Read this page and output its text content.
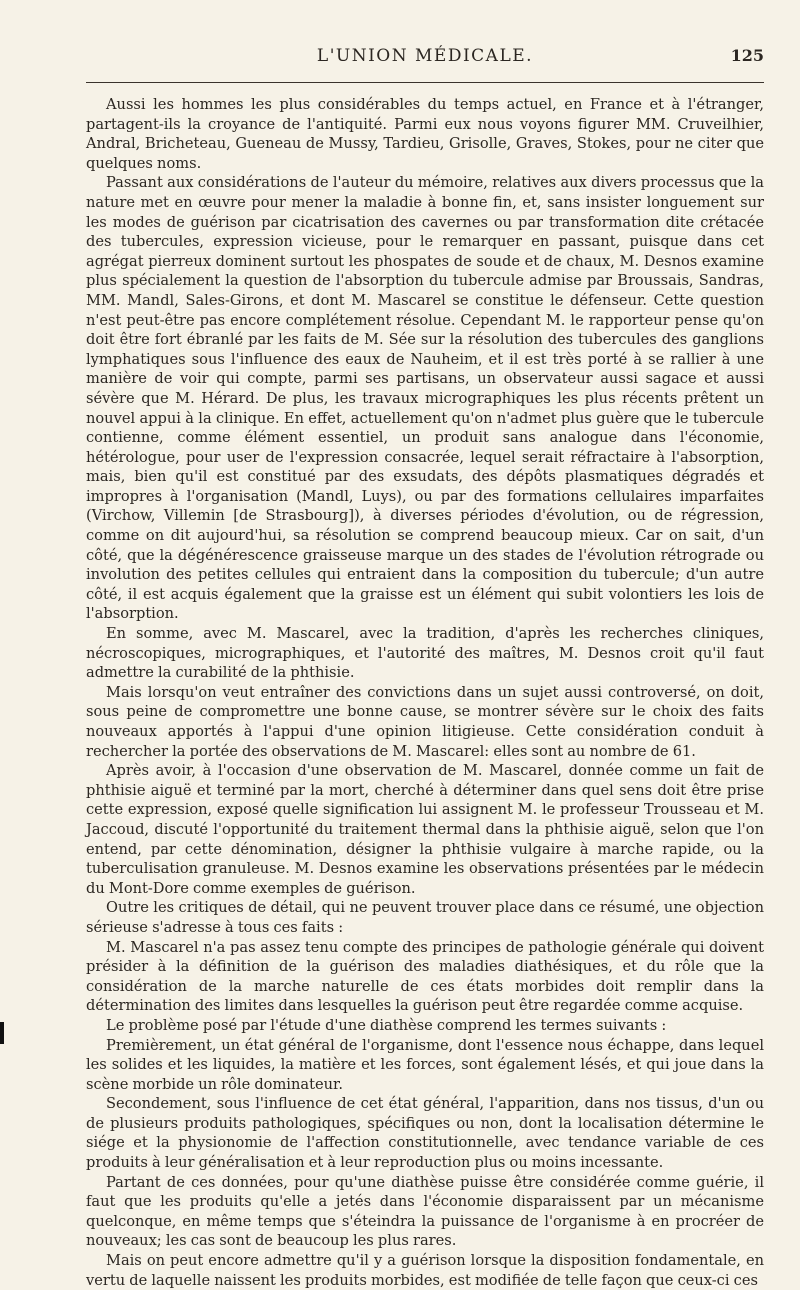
L'UNION MÉDICALE.	125

Aussi les hommes les plus considérables du temps actuel, en France et à l'étranger, partagent-ils la croyance de l'antiquité. Parmi eux nous voyons figurer MM. Cruveilhier, Andral, Bricheteau, Gueneau de Mussy, Tardieu, Grisolle, Graves, Stokes, pour ne citer que quelques noms.

Passant aux considérations de l'auteur du mémoire, relatives aux divers processus que la nature met en œuvre pour mener la maladie à bonne fin, et, sans insister longuement sur les modes de guérison par cicatrisation des cavernes ou par transformation dite crétacée des tubercules, expression vicieuse, pour le remarquer en passant, puisque dans cet agrégat pierreux dominent surtout les phospates de soude et de chaux, M. Desnos examine plus spécialement la question de l'absorption du tubercule admise par Broussais, Sandras, MM. Mandl, Sales-Girons, et dont M. Mascarel se constitue le défenseur. Cette question n'est peut-être pas encore complétement résolue. Cependant M. le rapporteur pense qu'on doit être fort ébranlé par les faits de M. Sée sur la résolution des tubercules des ganglions lymphatiques sous l'influence des eaux de Nauheim, et il est très porté à se rallier à une manière de voir qui compte, parmi ses partisans, un observateur aussi sagace et aussi sévère que M. Hérard. De plus, les travaux micrographiques les plus récents prêtent un nouvel appui à la clinique. En effet, actuellement qu'on n'admet plus guère que le tubercule contienne, comme élément essentiel, un produit sans analogue dans l'économie, hétérologue, pour user de l'expression consacrée, lequel serait réfractaire à l'absorption, mais, bien qu'il est constitué par des exsudats, des dépôts plasmatiques dégradés et impropres à l'organisation (Mandl, Luys), ou par des formations cellulaires imparfaites (Virchow, Villemin [de Strasbourg]), à diverses périodes d'évolution, ou de régression, comme on dit aujourd'hui, sa résolution se comprend beaucoup mieux. Car on sait, d'un côté, que la dégénérescence graisseuse marque un des stades de l'évolution rétrograde ou involution des petites cellules qui entraient dans la composition du tubercule; d'un autre côté, il est acquis également que la graisse est un élément qui subit volontiers les lois de l'absorption.

En somme, avec M. Mascarel, avec la tradition, d'après les recherches cliniques, nécroscopiques, micrographiques, et l'autorité des maîtres, M. Desnos croit qu'il faut admettre la curabilité de la phthisie.

Mais lorsqu'on veut entraîner des convictions dans un sujet aussi controversé, on doit, sous peine de compromettre une bonne cause, se montrer sévère sur le choix des faits nouveaux apportés à l'appui d'une opinion litigieuse. Cette considération conduit à rechercher la portée des observations de M. Mascarel: elles sont au nombre de 61.

Après avoir, à l'occasion d'une observation de M. Mascarel, donnée comme un fait de phthisie aiguë et terminé par la mort, cherché à déterminer dans quel sens doit être prise cette expression, exposé quelle signification lui assignent M. le professeur Trousseau et M. Jaccoud, discuté l'opportunité du traitement thermal dans la phthisie aiguë, selon que l'on entend, par cette dénomination, désigner la phthisie vulgaire à marche rapide, ou la tuberculisation granuleuse. M. Desnos examine les observations présentées par le médecin du Mont-Dore comme exemples de guérison.

Outre les critiques de détail, qui ne peuvent trouver place dans ce résumé, une objection sérieuse s'adresse à tous ces faits :

M. Mascarel n'a pas assez tenu compte des principes de pathologie générale qui doivent présider à la définition de la guérison des maladies diathésiques, et du rôle que la considération de la marche naturelle de ces états morbides doit remplir dans la détermination des limites dans lesquelles la guérison peut être regardée comme acquise.

Le problème posé par l'étude d'une diathèse comprend les termes suivants :

Premièrement, un état général de l'organisme, dont l'essence nous échappe, dans lequel les solides et les liquides, la matière et les forces, sont également lésés, et qui joue dans la scène morbide un rôle dominateur.

Secondement, sous l'influence de cet état général, l'apparition, dans nos tissus, d'un ou de plusieurs produits pathologiques, spécifiques ou non, dont la localisation détermine le siége et la physionomie de l'affection constitutionnelle, avec tendance variable de ces produits à leur généralisation et à leur reproduction plus ou moins incessante.

Partant de ces données, pour qu'une diathèse puisse être considérée comme guérie, il faut que les produits qu'elle a jetés dans l'économie disparaissent par un mécanisme quelconque, en même temps que s'éteindra la puissance de l'organisme à en procréer de nouveaux; les cas sont de beaucoup les plus rares.

Mais on peut encore admettre qu'il y a guérison lorsque la disposition fondamentale, en vertu de laquelle naissent les produits morbides, est modifiée de telle façon que ceux-ci ces
